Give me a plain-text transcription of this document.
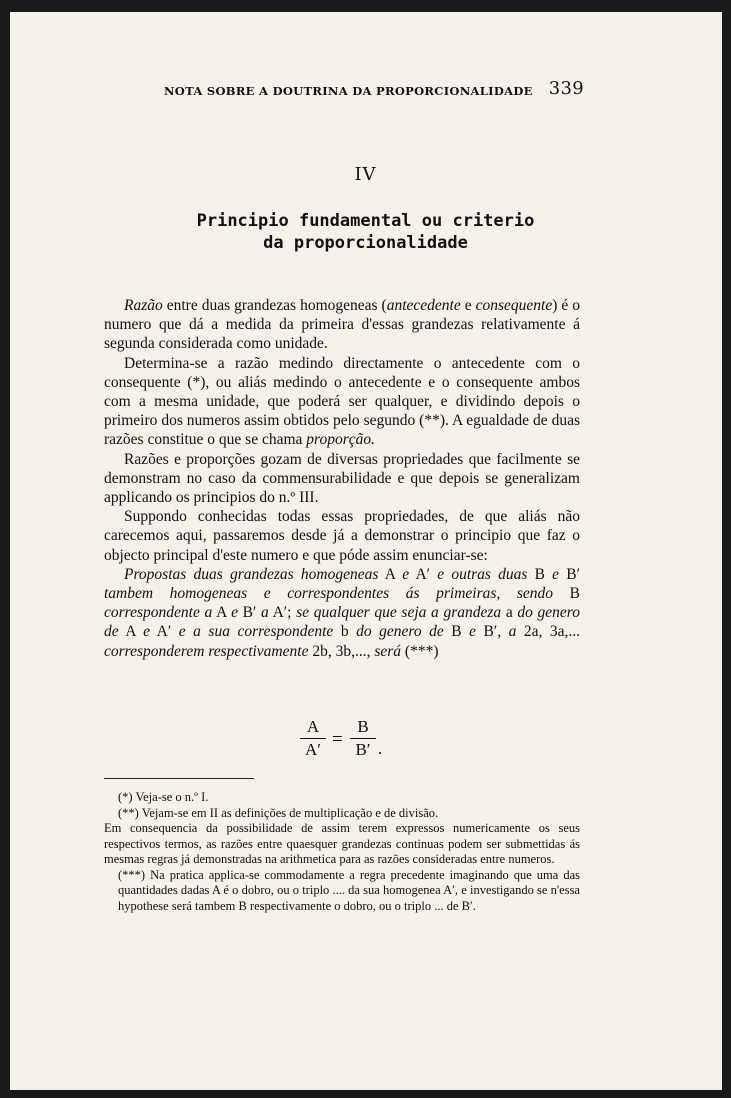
NOTA SOBRE A DOUTRINA DA PROPORCIONALIDADE 339
IV
Principio fundamental ou criterio
da proporcionalidade

Razão entre duas grandezas homogeneas (antecedente e consequente) é o numero que dá a medida da primeira d'essas grandezas relativamente á segunda considerada como unidade.

Determina-se a razão medindo directamente o antecedente com o consequente (*), ou aliás medindo o antecedente e o consequente ambos com a mesma unidade, que poderá ser qualquer, e dividindo depois o primeiro dos numeros assim obtidos pelo segundo (**). A egualdade de duas razões constitue o que se chama proporção.

Razões e proporções gozam de diversas propriedades que facilmente se demonstram no caso da commensurabilidade e que depois se generalizam applicando os principios do n.º III.

Suppondo conhecidas todas essas propriedades, de que aliás não carecemos aqui, passaremos desde já a demonstrar o principio que faz o objecto principal d'este numero e que póde assim enunciar-se:

Propostas duas grandezas homogeneas A e A′ e outras duas B e B′ tambem homogeneas e correspondentes ás primeiras, sendo B correspondente a A e B′ a A′; se qualquer que seja a grandeza a do genero de A e A′ e a sua correspondente b do genero de B e B′, a 2a, 3a,... corresponderem respectivamente 2b, 3b,..., será (***)

A
A′ =
B
B′ .

(*) Veja-se o n.º I.

(**) Vejam-se em II as definições de multiplicação e de divisão.

Em consequencia da possibilidade de assim terem expressos numericamente os seus respectivos termos, as razões entre quaesquer grandezas continuas podem ser submettidas ás mesmas regras já demonstradas na arithmetica para as razões consideradas entre numeros.

(***) Na pratica applica-se commodamente a regra precedente imaginando que uma das quantidades dadas A é o dobro, ou o triplo .... da sua homogenea A′, e investigando se n'essa hypothese será tambem B respectivamente o dobro, ou o triplo ... de B′.
